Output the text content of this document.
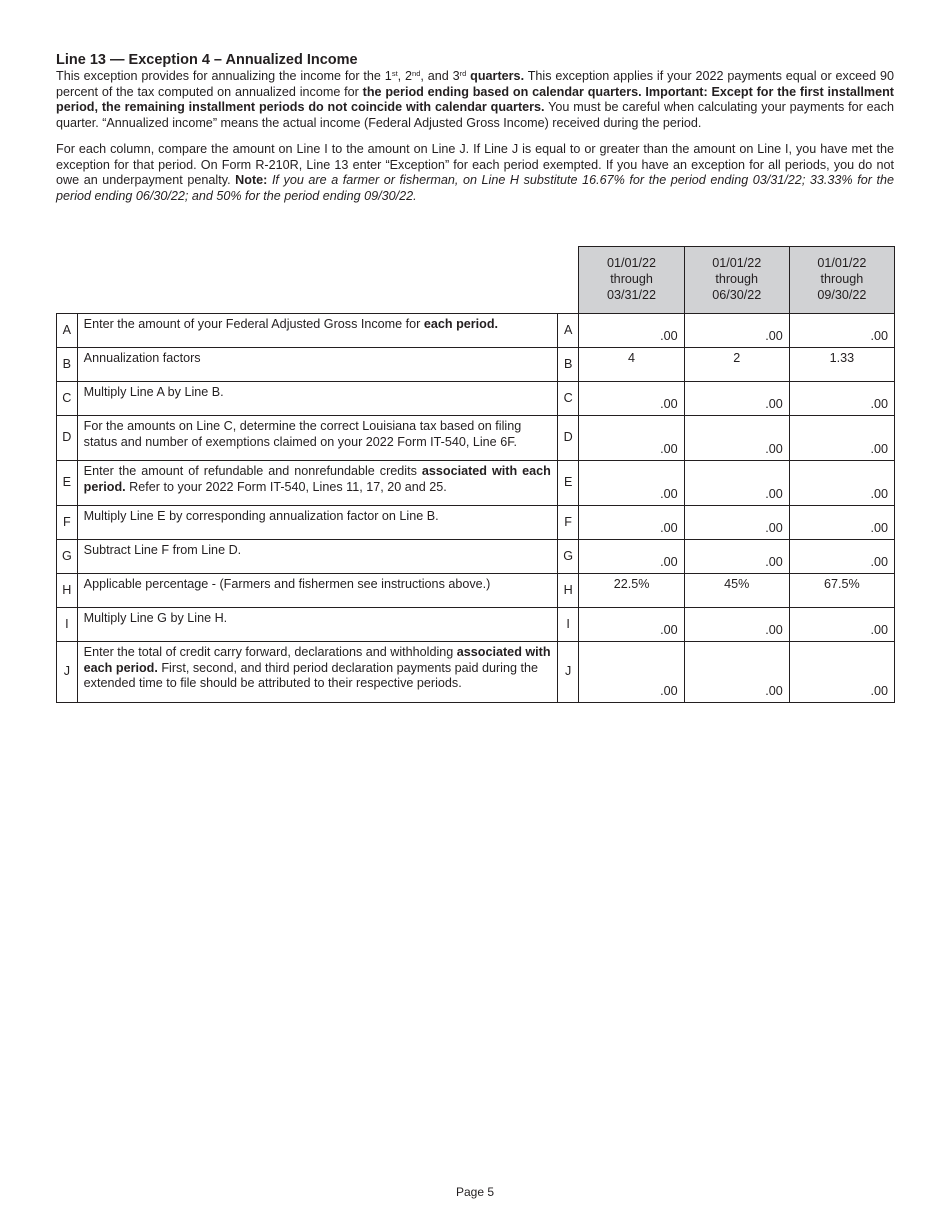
Line 13 — Exception 4 – Annualized Income

This exception provides for annualizing the income for the 1st, 2nd, and 3rd quarters. This exception applies if your 2022 payments equal or exceed 90 percent of the tax computed on annualized income for the period ending based on calendar quarters. Important: Except for the first installment period, the remaining installment periods do not coincide with calendar quarters. You must be careful when calculating your payments for each quarter. “Annualized income” means the actual income (Federal Adjusted Gross Income) received during the period.

For each column, compare the amount on Line I to the amount on Line J. If Line J is equal to or greater than the amount on Line I, you have met the exception for that period. On Form R-210R, Line 13 enter “Exception” for each period exempted. If you have an exception for all periods, you do not owe an underpayment penalty. Note: If you are a farmer or fisherman, on Line H substitute 16.67% for the period ending 03/31/22; 33.33% for the period ending 06/30/22; and 50% for the period ending 09/30/22.

			01/01/22
through
03/31/22	01/01/22
through
06/30/22	01/01/22
through
09/30/22

A	Enter the amount of your Federal Adjusted Gross Income for each period.	A	.00	.00	.00
B	Annualization factors	B	4	2	1.33
C	Multiply Line A by Line B.	C	.00	.00	.00
D	For the amounts on Line C, determine the correct Louisiana tax based on filing status and number of exemptions claimed on your 2022 Form IT-540, Line 6F.	D	.00	.00	.00
E	Enter the amount of refundable and nonrefundable credits associated with each period. Refer to your 2022 Form IT-540, Lines 11, 17, 20 and 25.	E	.00	.00	.00
F	Multiply Line E by corresponding annualization factor on Line B.	F	.00	.00	.00
G	Subtract Line F from Line D.	G	.00	.00	.00
H	Applicable percentage - (Farmers and fishermen see instructions above.)	H	22.5%	45%	67.5%
I	Multiply Line G by Line H.	I	.00	.00	.00
J	Enter the total of credit carry forward, declarations and withholding associated with each period. First, second, and third period declaration payments paid during the extended time to file should be attributed to their respective periods.	J	.00	.00	.00
Page 5
